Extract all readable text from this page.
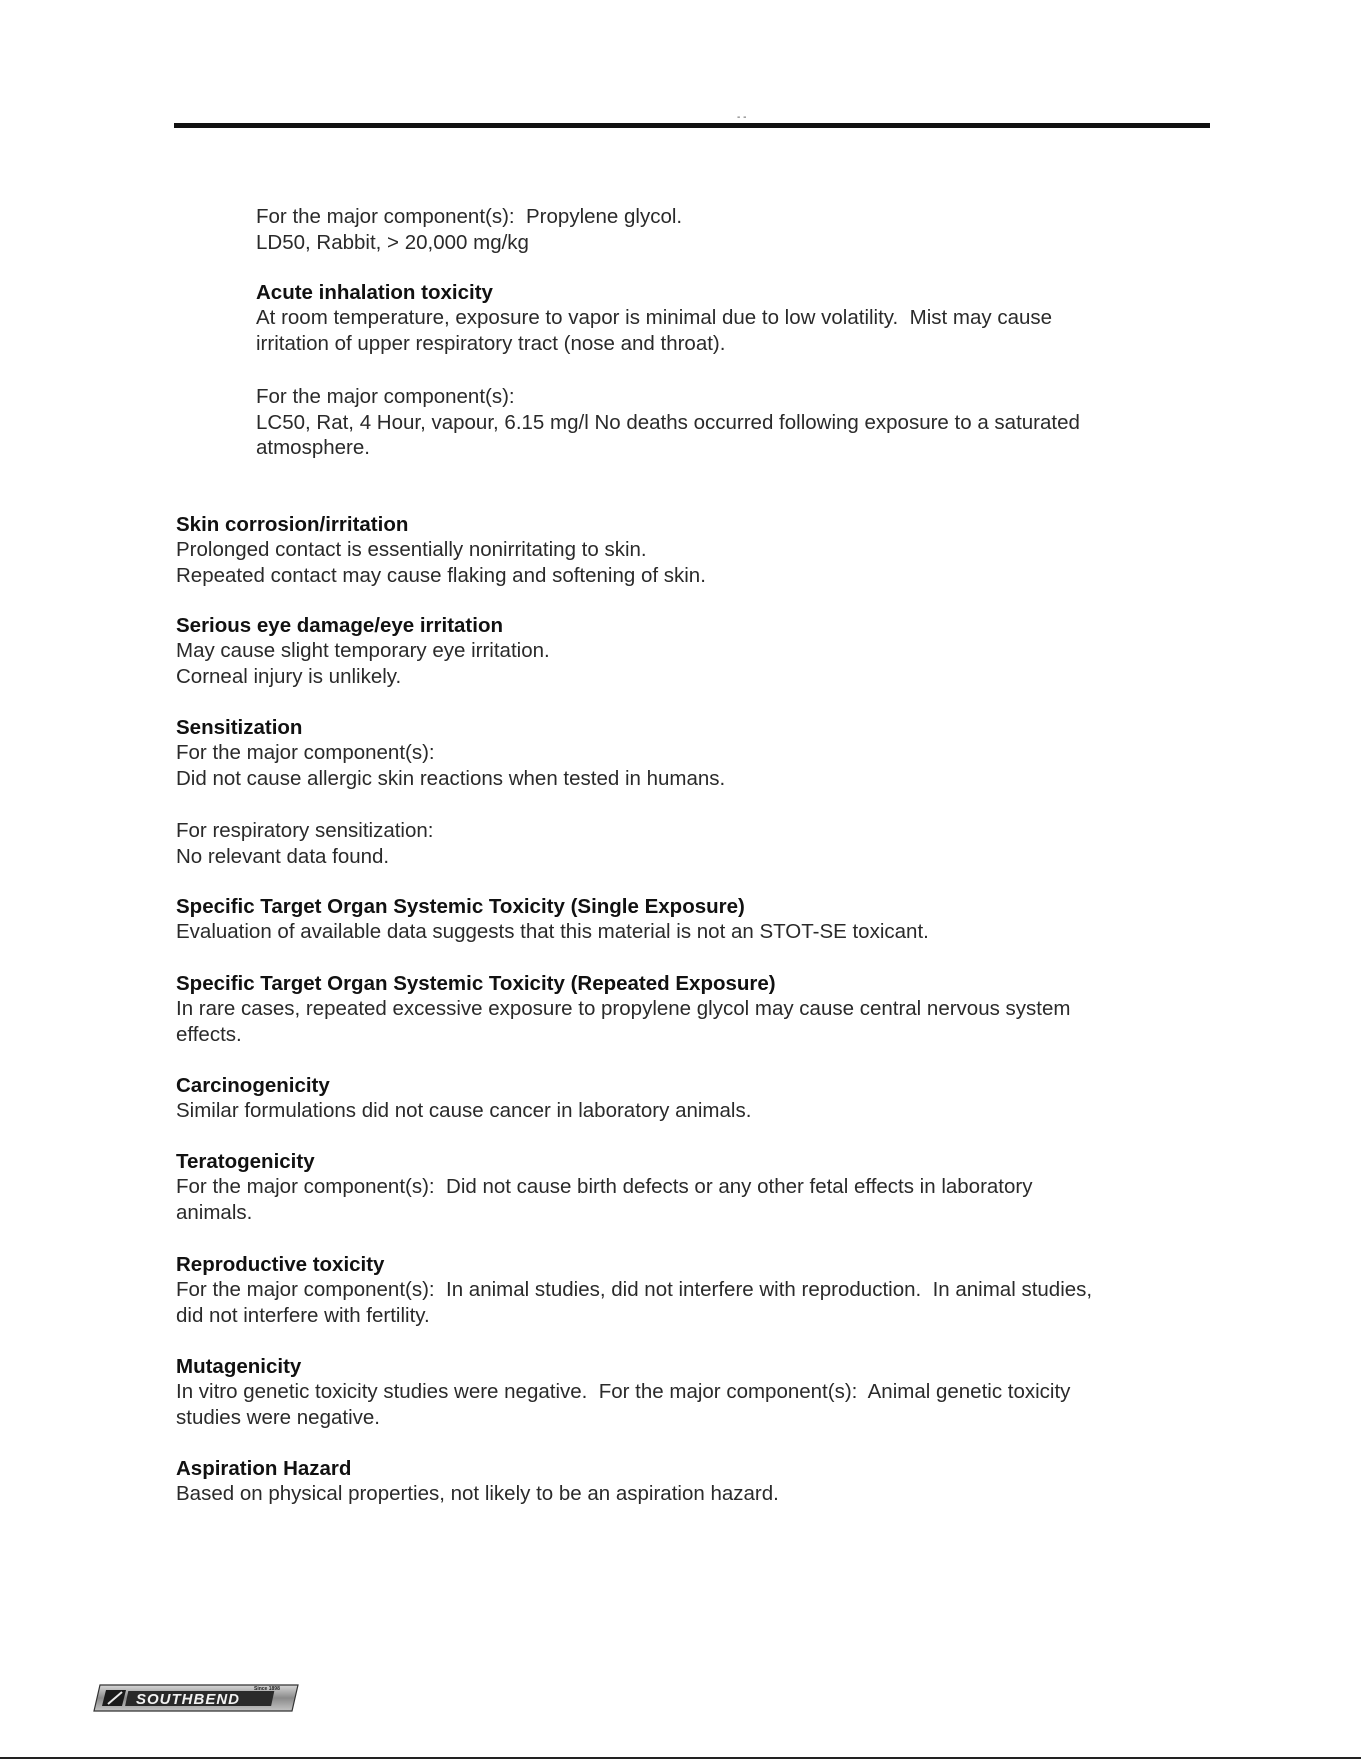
- -
For the major component(s):  Propylene glycol.
LD50, Rabbit, > 20,000 mg/kg
Acute inhalation toxicity
At room temperature, exposure to vapor is minimal due to low volatility.  Mist may cause
irritation of upper respiratory tract (nose and throat).
For the major component(s):
LC50, Rat, 4 Hour, vapour, 6.15 mg/l No deaths occurred following exposure to a saturated
atmosphere.
Skin corrosion/irritation
Prolonged contact is essentially nonirritating to skin.
Repeated contact may cause flaking and softening of skin.
Serious eye damage/eye irritation
May cause slight temporary eye irritation.
Corneal injury is unlikely.
Sensitization
For the major component(s):
Did not cause allergic skin reactions when tested in humans.
For respiratory sensitization:
No relevant data found.
Specific Target Organ Systemic Toxicity (Single Exposure)
Evaluation of available data suggests that this material is not an STOT-SE toxicant.
Specific Target Organ Systemic Toxicity (Repeated Exposure)
In rare cases, repeated excessive exposure to propylene glycol may cause central nervous system
effects.
Carcinogenicity
Similar formulations did not cause cancer in laboratory animals.
Teratogenicity
For the major component(s):  Did not cause birth defects or any other fetal effects in laboratory
animals.
Reproductive toxicity
For the major component(s):  In animal studies, did not interfere with reproduction.  In animal studies,
did not interfere with fertility.
Mutagenicity
In vitro genetic toxicity studies were negative.  For the major component(s):  Animal genetic toxicity
studies were negative.
Aspiration Hazard
Based on physical properties, not likely to be an aspiration hazard.
SOUTHBEND
Since 1898
